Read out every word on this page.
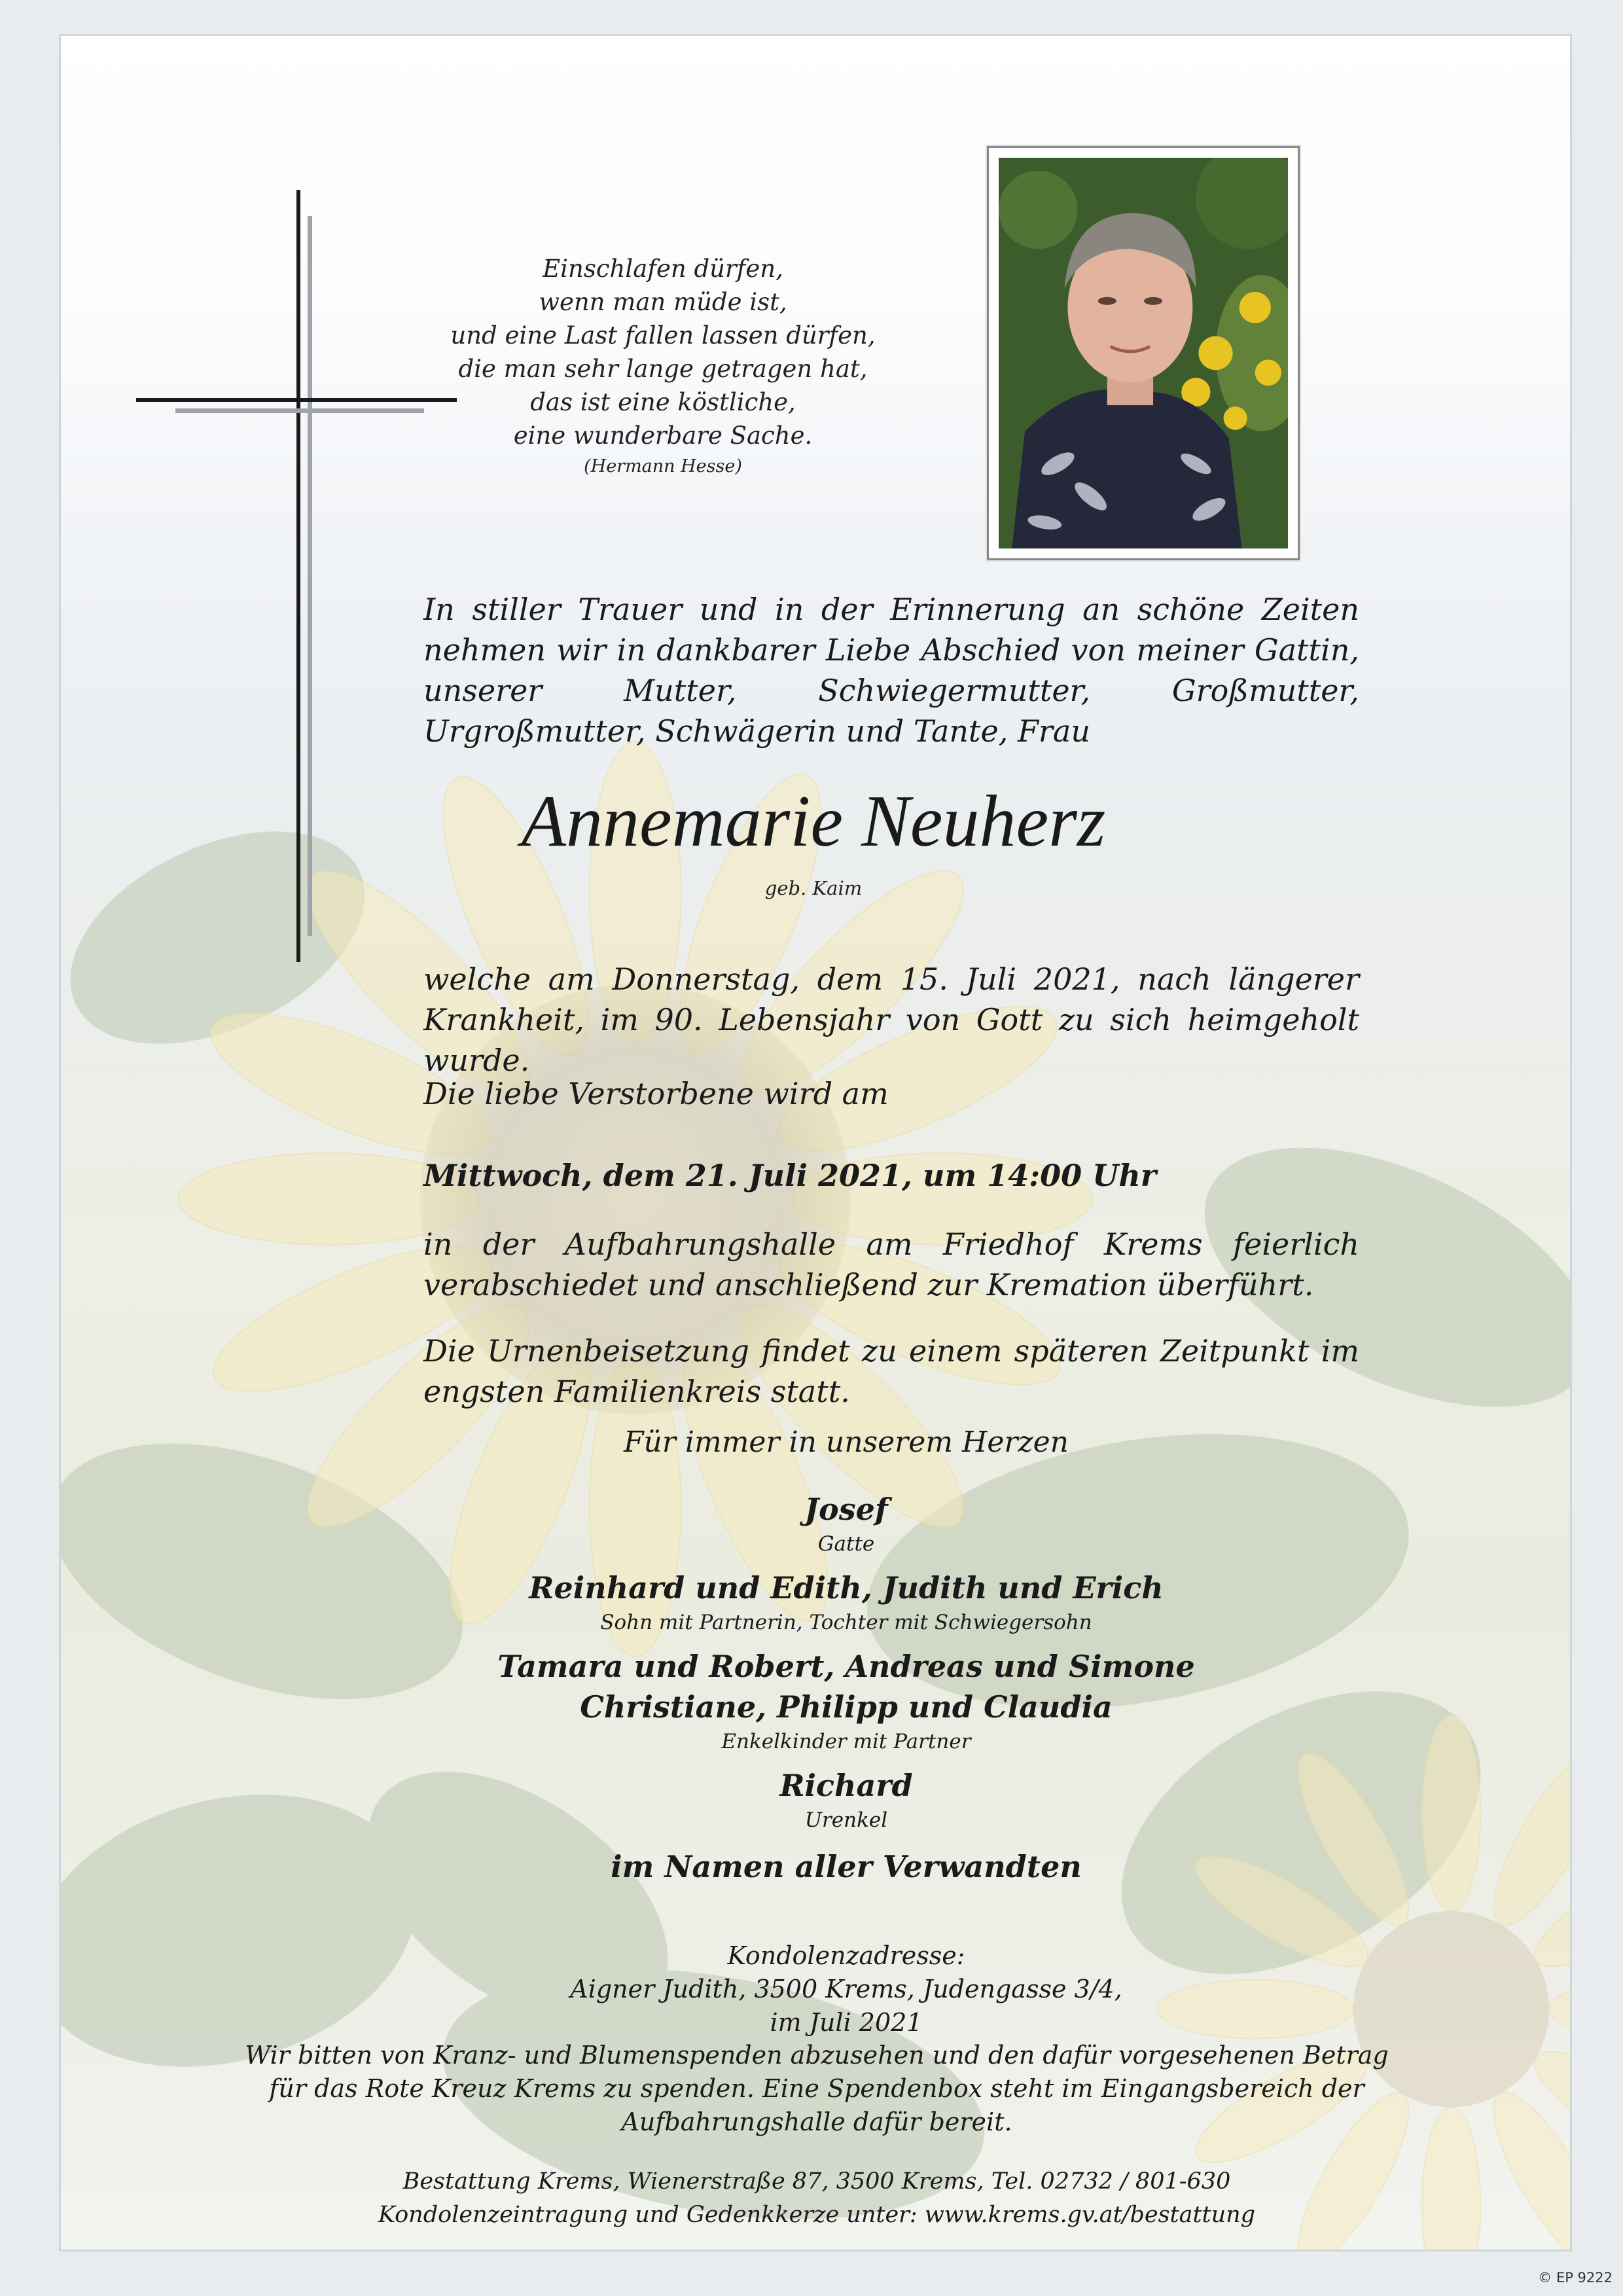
Einschlafen dürfen,
wenn man müde ist,
und eine Last fallen lassen dürfen,
die man sehr lange getragen hat,
das ist eine köstliche,
eine wunderbare Sache.
(Hermann Hesse)
In stiller Trauer und in der Erinnerung an schöne Zeiten nehmen wir in dankbarer Liebe Abschied von meiner Gattin, unserer Mutter, Schwiegermutter, Großmutter, Urgroßmutter, Schwägerin und Tante, Frau
Annemarie Neuherz
geb. Kaim
welche am Donnerstag, dem 15. Juli 2021, nach längerer Krankheit, im 90. Lebensjahr von Gott zu sich heimgeholt wurde.
Die liebe Verstorbene wird am
Mittwoch, dem 21. Juli 2021, um 14:00 Uhr
in der Aufbahrungshalle am Friedhof Krems feierlich verabschiedet und anschließend zur Kremation überführt.
Die Urnenbeisetzung findet zu einem späteren Zeitpunkt im engsten Familienkreis statt.
Für immer in unserem Herzen
Josef
Gatte
Reinhard und Edith, Judith und Erich
Sohn mit Partnerin, Tochter mit Schwiegersohn
Tamara und Robert, Andreas und Simone
Christiane, Philipp und Claudia
Enkelkinder mit Partner
Richard
Urenkel
im Namen aller Verwandten
Kondolenzadresse:
Aigner Judith, 3500 Krems, Judengasse 3/4,
im Juli 2021
Wir bitten von Kranz- und Blumenspenden abzusehen und den dafür vorgesehenen Betrag
für das Rote Kreuz Krems zu spenden. Eine Spendenbox steht im Eingangsbereich der
Aufbahrungshalle dafür bereit.
Bestattung Krems, Wienerstraße 87, 3500 Krems, Tel. 02732 / 801-630
Kondolenzeintragung und Gedenkkerze unter: www.krems.gv.at/bestattung
© EP 9222
